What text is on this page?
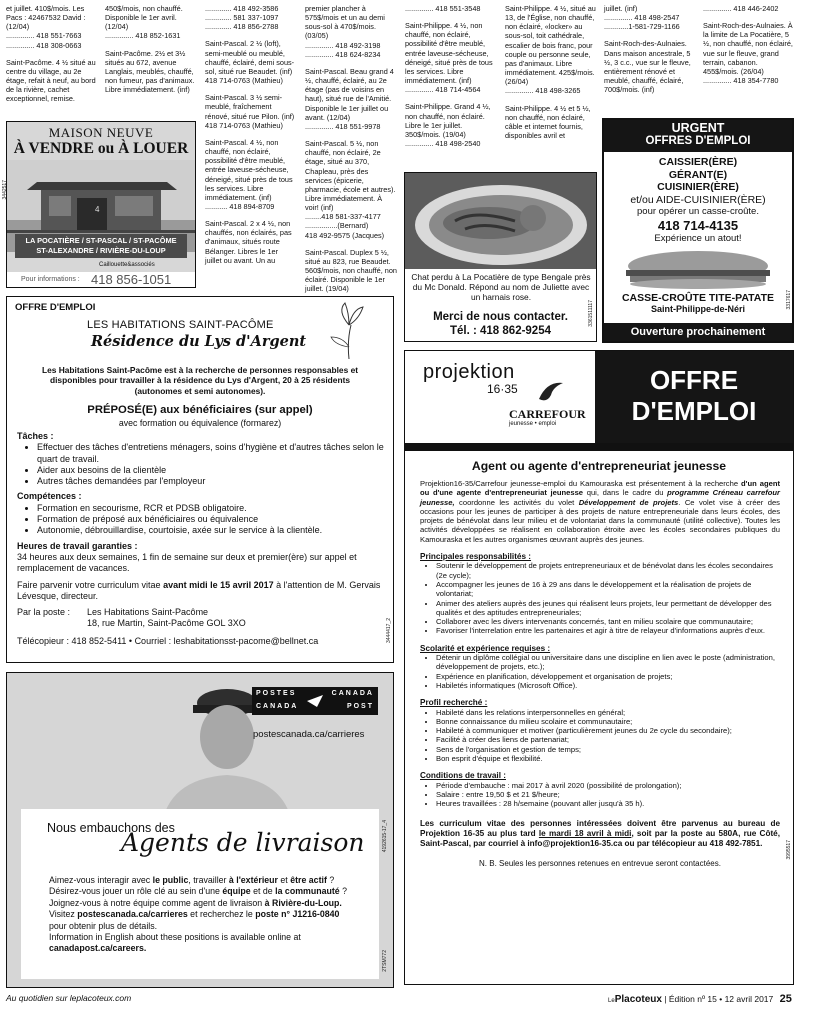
et juillet. 410$/mois. Les Pacs : 42467532 David : (12/04)
.............. 418 551-7663
.............. 418 308-0663
Saint-Pacôme. 4 ½ situé au centre du village, au 2e étage, refait à neuf, au bord de la rivière, cachet exceptionnel, remise.
450$/mois, non chauffé. Disponible le 1er avril. (12/04)
.............. 418 852-1631
Saint-Pacôme. 2½ et 3½ situés au 672, avenue Langlais, meublés, chauffé, non fumeur, pas d'animaux. Libre immédiatement. (inf)
............. 418 492-3586
............. 581 337-1097
............. 418 856-2788
Saint-Pascal. 2 ½ (loft), semi-meublé ou meublé, chauffé, éclairé, demi sous-sol, situé rue Beaudet. (inf)
418 714-0763 (Mathieu)
Saint-Pascal. 3 ½ semi-meublé, fraîchement rénové, situé rue Pilon. (inf)
418 714-0763 (Mathieu)
Saint-Pascal. 4 ½, non chauffé, non éclairé, possibilité d'être meublé, entrée laveuse-sécheuse, déneigé, situé près de tous les services. Libre immédiatement. (inf)
........... 418 894-8709
Saint-Pascal. 2 x 4 ½, non chauffés, non éclairés, pas d'animaux, situés route Bélanger. Libres le 1er juillet ou avant. Un au
premier plancher à 575$/mois et un au demi sous-sol à 470$/mois. (03/05)
.............. 418 492-3198
.............. 418 624-8234
Saint-Pascal. Beau grand 4 ½, chauffé, éclairé, au 2e étage (pas de voisins en haut), situé rue de l'Amitié. Disponible le 1er juillet ou avant. (12/04)
.............. 418 551-9978
Saint-Pascal. 5 ½, non chauffé, non éclairé, 2e étage, situé au 370, Chapleau, près des services (épicerie, pharmacie, école et autres). Libre immédiatement. À voir! (inf)
........418 581-337-4177
................(Bernard)
418 492-9575 (Jacques)
Saint-Pascal. Duplex 5 ½, situé au 823, rue Beaudet. 560$/mois, non chauffé, non éclairé. Disponible le 1er juillet. (19/04)
.............. 418 551-3548
Saint-Philippe. 4 ½, non chauffé, non éclairé, possibilité d'être meublé, entrée laveuse-sécheuse, déneigé, situé près de tous les services. Libre immédiatement. (inf)
.............. 418 714-4564
Saint-Philippe. Grand 4 ½, non chauffé, non éclairé. Libre le 1er juillet. 350$/mois. (19/04)
.............. 418 498-2540
Saint-Philippe. 4 ½, situé au 13, de l'Église, non chauffé, non éclairé, «locker» au sous-sol, toit cathédrale, escalier de bois franc, pour couple ou personne seule, pas d'animaux. Libre immédiatement. 425$/mois. (26/04)
.............. 418 498-3265
Saint-Philippe. 4 ½ et 5 ½, non chauffé, non éclairé, câble et internet fournis, disponibles avril et
juillet. (inf)
.............. 418 498-2547
............1-581-729-1166
Saint-Roch-des-Aulnaies. Dans maison ancestrale, 5 ½, 3 c.c., vue sur le fleuve, entièrement rénové et meublé, chauffé, éclairé, 700$/mois. (inf)
.............. 418 446-2402
Saint-Roch-des-Aulnaies. À la limite de La Pocatière, 5 ½, non chauffé, non éclairé, vue sur le fleuve, grand terrain, cabanon. 455$/mois. (26/04)
.............. 418 354-7780
MAISON NEUVE
À VENDRE ou À LOUER
4
LA POCATIÈRE / ST-PASCAL / ST-PACÔME
ST-ALEXANDRE / RIVIÈRE-DU-LOUP
Caillouette&associés
Pour informations : 418 856-1051
3442517
Chat perdu à La Pocatière de type Bengale près du Mc Donald. Répond au nom de Juliette avec un harnais rose.
Merci de nous contacter.
Tél. : 418 862-9254
3361511117
URGENT
OFFRES D'EMPLOI
CAISSIER(ÈRE)
GÉRANT(E)
CUISINIER(ÈRE)
et/ou AIDE-CUISINIER(ÈRE)
pour opérer un casse-croûte.
418 714-4135
Expérience un atout!
CASSE-CROÛTE TITE-PATATE
Saint-Philippe-de-Néri
Ouverture prochainement
3317617
OFFRE D'EMPLOI
LES HABITATIONS SAINT-PACÔME
Résidence du Lys d'Argent
Les Habitations Saint-Pacôme est à la recherche de personnes responsables et disponibles pour travailler à la résidence du Lys d'Argent, 20 à 25 résidents (autonomes et semi autonomes).
PRÉPOSÉ(E) aux bénéficiaires (sur appel)
avec formation ou équivalence (formarez)
Tâches :
• Effectuer des tâches d'entretiens ménagers, soins d'hygiène et d'autres tâches selon le quart de travail.
• Aider aux besoins de la clientèle
• Autres tâches demandées par l'employeur
Compétences :
• Formation en secourisme, RCR et PDSB obligatoire.
• Formation de préposé aux bénéficiaires ou équivalence
• Autonomie, débrouillardise, courtoisie, axée sur le service à la clientèle.
Heures de travail garanties :
34 heures aux deux semaines, 1 fin de semaine sur deux et premier(ère) sur appel et remplacement de vacances.
Faire parvenir votre curriculum vitae avant midi le 15 avril 2017 à l'attention de M. Gervais Lévesque, directeur.
Par la poste :	Les Habitations Saint-Pacôme
18, rue Martin, Saint-Pacôme GOL 3XO
Télécopieur : 418 852-5411 • Courriel : leshabitationsst-pacome@bellnet.ca	3444417_2
POSTES	CANADA
CANADA	POST
postescanada.ca/carrieres
Nous embauchons des
Agents de livraison
Aimez-vous interagir avec le public, travailler à l'extérieur et être actif ?
Désirez-vous jouer un rôle clé au sein d'une équipe et de la communauté ?
Joignez-vous à notre équipe comme agent de livraison à Rivière-du-Loup.
Visitez postescanada.ca/carrieres et recherchez le poste n° J1216-0840
pour obtenir plus de détails.
Information in English about these positions is available online at
canadapost.ca/careers.
4192615-17_4
2TSM772
projektion
16·35
CARREFOUR
jeunesse • emploi
OFFRE
D'EMPLOI
Agent ou agente d'entrepreneuriat jeunesse
Projektion16-35/Carrefour jeunesse-emploi du Kamouraska est présentement à la recherche d'un agent ou d'une agente d'entrepreneuriat jeunesse qui, dans le cadre du programme Créneau carrefour jeunesse, coordonne les activités du volet Développement de projets. Ce volet vise à créer des occasions pour les jeunes de participer à des projets de nature entrepreneuriale dans leurs écoles, des projets de bénévolat dans leur milieu et de volontariat dans la communauté (utilité collective). Toutes les activités développées se réalisent en collaboration étroite avec les écoles secondaires publiques du Kamouraska et les autres organismes œuvrant auprès des jeunes.
Principales responsabilités :
• Soutenir le développement de projets entrepreneuriaux et de bénévolat dans les écoles secondaires (2e cycle);
• Accompagner les jeunes de 16 à 29 ans dans le développement et la réalisation de projets de volontariat;
• Animer des ateliers auprès des jeunes qui réalisent leurs projets, leur permettant de développer des qualités et des aptitudes entrepreneuriales;
• Collaborer avec les divers intervenants concernés, tant en milieu scolaire que communautaire;
• Favoriser l'interrelation entre les partenaires et agir à titre de relayeur d'informations auprès d'eux.
Scolarité et expérience requises :
• Détenir un diplôme collégial ou universitaire dans une discipline en lien avec le poste (administration, développement de projets, etc.);
• Expérience en planification, développement et organisation de projets;
• Habiletés informatiques (Microsoft Office).
Profil recherché :
• Habileté dans les relations interpersonnelles en général;
• Bonne connaissance du milieu scolaire et communautaire;
• Habileté à communiquer et motiver (particulièrement jeunes du 2e cycle du secondaire);
• Facilité à créer des liens de partenariat;
• Sens de l'organisation et gestion de temps;
• Bon esprit d'équipe et flexibilité.
Conditions de travail :
• Période d'embauche : mai 2017 à avril 2020 (possibilité de prolongation);
• Salaire : entre 19,50 $ et 21 $/heure;
• Heures travaillées : 28 h/semaine (pouvant aller jusqu'à 35 h).
Les curriculum vitae des personnes intéressées doivent être parvenus au bureau de Projektion 16-35 au plus tard le mardi 18 avril à midi, soit par la poste au 580A, rue Côté, Saint-Pascal, par courriel à info@projektion16-35.ca ou par télécopieur au 418 492-7851.
N. B. Seules les personnes retenues en entrevue seront contactées.
3995517
Au quotidien sur leplacoteux.com	LePlacoteux | Édition nº 15 • 12 avril 2017 25
